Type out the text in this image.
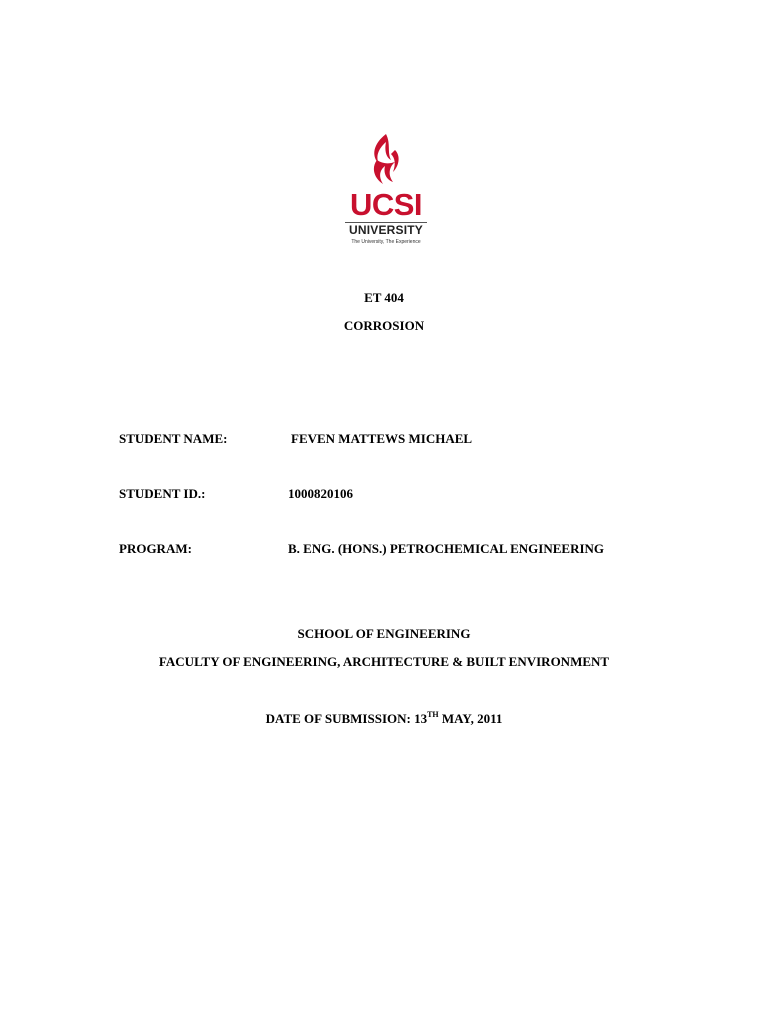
UCSI
UNIVERSITY
The University, The Experience
ET 404
CORROSION
STUDENT NAME:	FEVEN MATTEWS MICHAEL
STUDENT ID.:	1000820106
PROGRAM:	B. ENG. (HONS.) PETROCHEMICAL ENGINEERING
SCHOOL OF ENGINEERING
FACULTY OF ENGINEERING, ARCHITECTURE & BUILT ENVIRONMENT
DATE OF SUBMISSION: 13TH MAY, 2011
